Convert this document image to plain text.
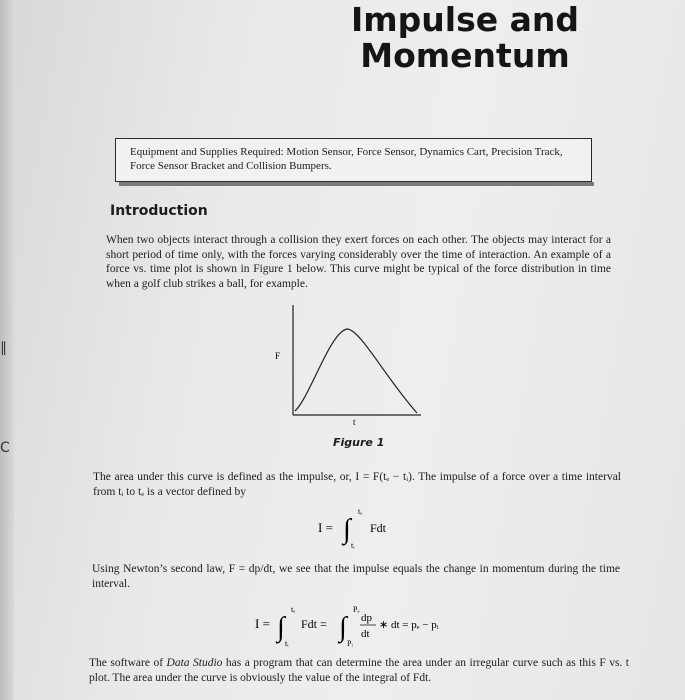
∥
C
Impulse and
Momentum

Equipment and Supplies Required: Motion Sensor, Force Sensor, Dynamics Cart, Precision Track, Force Sensor Bracket and Collision Bumpers.

Introduction

When two objects interact through a collision they exert forces on each other. The objects may interact for a short period of time only, with the forces varying considerably over the time of interaction. An example of a force vs. time plot is shown in Figure 1 below. This curve might be typical of the force distribution in time when a golf club strikes a ball, for example.

F
t
Figure 1

The area under this curve is defined as the impulse, or, I = F(tₑ − tᵢ). The impulse of a force over a time interval from tᵢ to tₑ is a vector defined by

I = ∫
tₑ
tᵢ
Fdt

Using Newton’s second law, F = dp/dt, we see that the impulse equals the change in momentum during the time interval.

I = ∫
tₑ
tᵢ
Fdt = ∫
Pₑ
Pᵢ
dp
dt
∗ dt = pₑ − pᵢ

The software of Data Studio has a program that can determine the area under an irregular curve such as this F vs. t plot. The area under the curve is obviously the value of the integral of Fdt.
